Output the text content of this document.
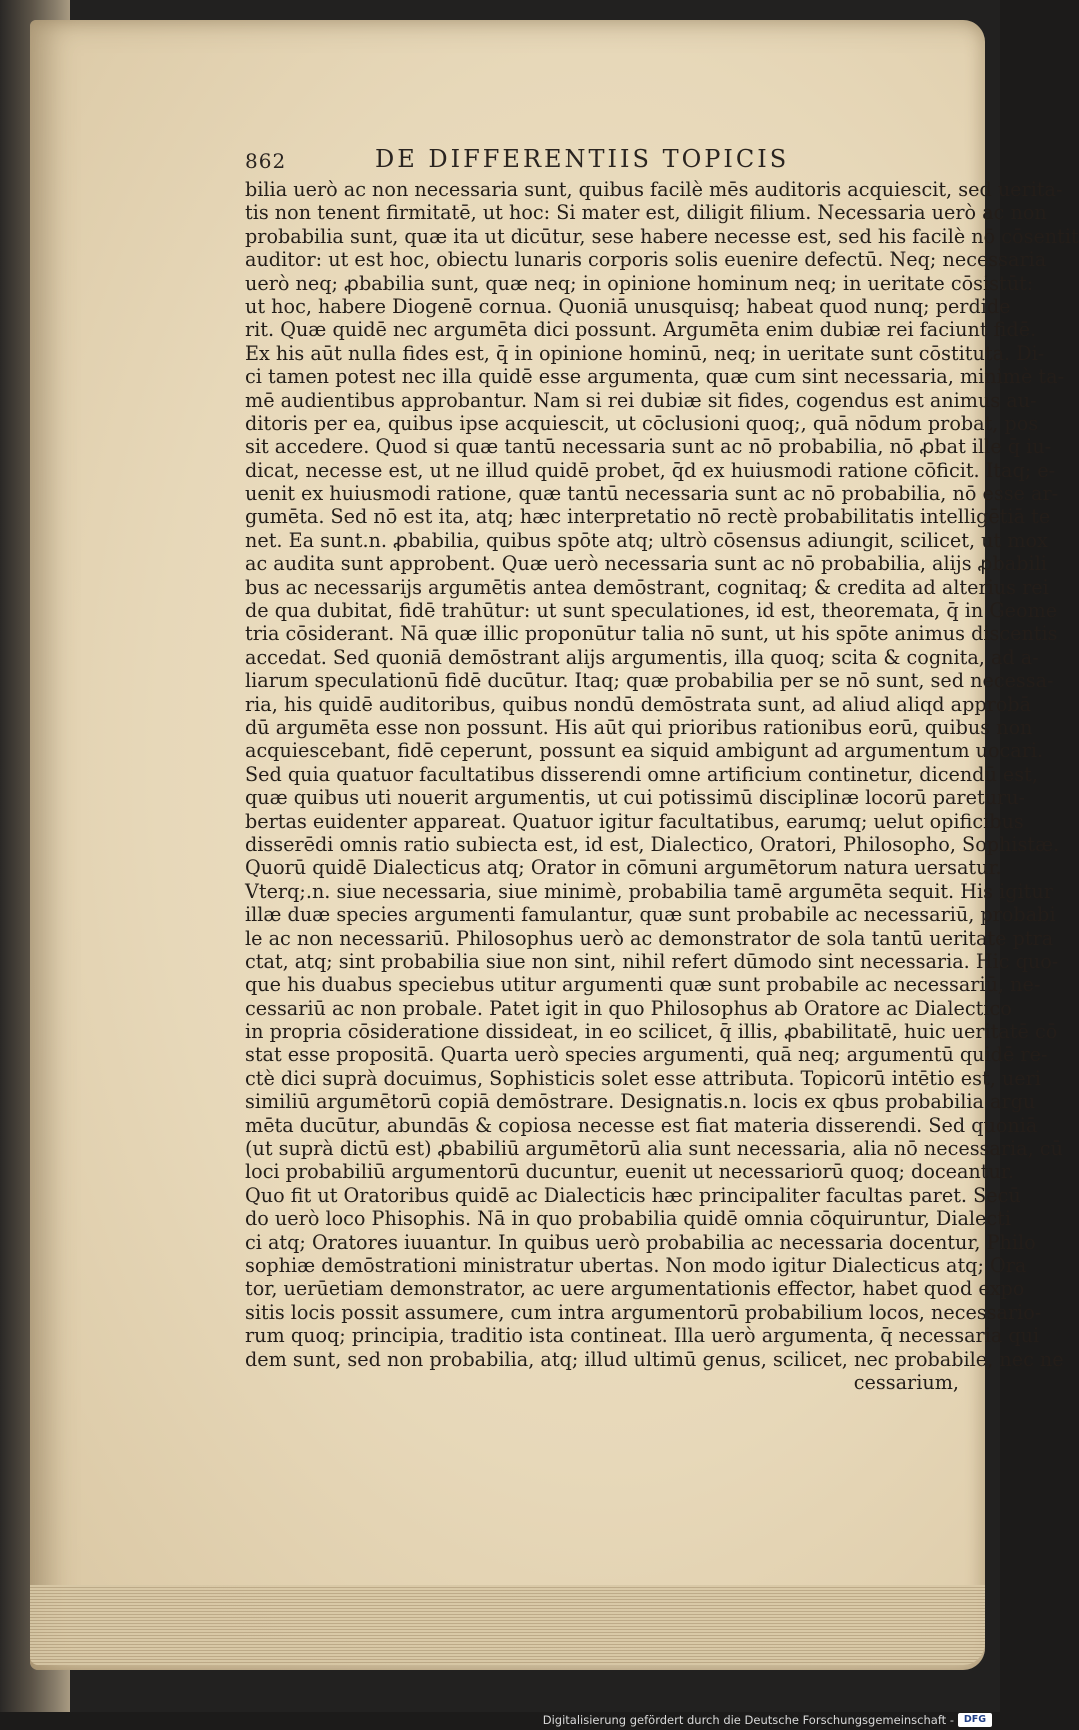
862	DE DIFFERENTIIS TOPICIS
bilia uerò ac non necessaria sunt, quibus facilè mēs auditoris acquiescit, sed uerita-
tis non tenent firmitatē, ut hoc: Si mater est, diligit filium. Necessaria uerò ac non
probabilia sunt, quæ ita ut dicūtur, sese habere necesse est, sed his facilè nō cōsentit
auditor: ut est hoc, obiectu lunaris corporis solis euenire defectū. Neq; necessaria
uerò neq; ꝓbabilia sunt, quæ neq; in opinione hominum neq; in ueritate cōsistūt:
ut hoc, habere Diogenē cornua. Quoniā unusquisq; habeat quod nunq; perdide
rit. Quæ quidē nec argumēta dici possunt. Argumēta enim dubiæ rei faciunt fidē.
Ex his aūt nulla fides est, q̄ in opinione hominū, neq; in ueritate sunt cōstituta. Di-
ci tamen potest nec illa quidē esse argumenta, quæ cum sint necessaria, minimè ta-
mē audientibus approbantur. Nam si rei dubiæ sit fides, cogendus est animus au-
ditoris per ea, quibus ipse acquiescit, ut cōclusioni quoq;, quā nōdum probat, pos
sit accedere. Quod si quæ tantū necessaria sunt ac nō probabilia, nō ꝓbat ille q̄ iu-
dicat, necesse est, ut ne illud quidē probet, q̄d ex huiusmodi ratione cōficit. Itaq; e-
uenit ex huiusmodi ratione, quæ tantū necessaria sunt ac nō probabilia, nō esse ar-
gumēta. Sed nō est ita, atq; hæc interpretatio nō rectè probabilitatis intelligētiā te
net. Ea sunt.n. ꝓbabilia, quibus spōte atq; ultrò cōsensus adiungit, scilicet, ut mox
ac audita sunt approbent. Quæ uerò necessaria sunt ac nō probabilia, alijs ꝓbabili
bus ac necessarijs argumētis antea demōstrant, cognitaq; & credita ad alterius rei
de qua dubitat, fidē trahūtur: ut sunt speculationes, id est, theoremata, q̄ in Geome
tria cōsiderant. Nā quæ illic proponūtur talia nō sunt, ut his spōte animus discentis
accedat. Sed quoniā demōstrant alijs argumentis, illa quoq; scita & cognita, ad a-
liarum speculationū fidē ducūtur. Itaq; quæ probabilia per se nō sunt, sed necessa-
ria, his quidē auditoribus, quibus nondū demōstrata sunt, ad aliud aliqd approbā
dū argumēta esse non possunt. His aūt qui prioribus rationibus eorū, quibus non
acquiescebant, fidē ceperunt, possunt ea siquid ambigunt ad argumentum uocari.
Sed quia quatuor facultatibus disserendi omne artificium continetur, dicendū est,
quæ quibus uti nouerit argumentis, ut cui potissimū disciplinæ locorū pareturu-
bertas euidenter appareat. Quatuor igitur facultatibus, earumq; uelut opificibus
disserēdi omnis ratio subiecta est, id est, Dialectico, Oratori, Philosopho, Sophistæ.
Quorū quidē Dialecticus atq; Orator in cōmuni argumētorum natura uersatur.
Vterq;.n. siue necessaria, siue minimè, probabilia tamē argumēta sequit. His igitur
illæ duæ species argumenti famulantur, quæ sunt probabile ac necessariū, probabi
le ac non necessariū. Philosophus uerò ac demonstrator de sola tantū ueritate ptra
ctat, atq; sint probabilia siue non sint, nihil refert dūmodo sint necessaria. Hic quo-
que his duabus speciebus utitur argumenti quæ sunt probabile ac necessariū, ne-
cessariū ac non probale. Patet igit in quo Philosophus ab Oratore ac Dialectico
in propria cōsideratione dissideat, in eo scilicet, q̄ illis, ꝓbabilitatē, huic ueritatē cō
stat esse propositā. Quarta uerò species argumenti, quā neq; argumentū quidē re-
ctè dici suprà docuimus, Sophisticis solet esse attributa. Topicorū intētio est, ueri
similiū argumētorū copiā demōstrare. Designatis.n. locis ex qbus probabilia argu
mēta ducūtur, abundās & copiosa necesse est fiat materia disserendi. Sed quoniā
(ut suprà dictū est) ꝓbabiliū argumētorū alia sunt necessaria, alia nō necessaria, cū
loci probabiliū argumentorū ducuntur, euenit ut necessariorū quoq; doceantur.
Quo fit ut Oratoribus quidē ac Dialecticis hæc principaliter facultas paret. Secū
do uerò loco Phisophis. Nā in quo probabilia quidē omnia cōquiruntur, Dialecti
ci atq; Oratores iuuantur. In quibus uerò probabilia ac necessaria docentur, Philo
sophiæ demōstrationi ministratur ubertas. Non modo igitur Dialecticus atq; Ora
tor, uerūetiam demonstrator, ac uere argumentationis effector, habet quod expo
sitis locis possit assumere, cum intra argumentorū probabilium locos, necessario-
rum quoq; principia, traditio ista contineat. Illa uerò argumenta, q̄ necessaria qui
dem sunt, sed non probabilia, atq; illud ultimū genus, scilicet, nec probabile, nec ne
cessarium,
Digitalisierung gefördert durch die Deutsche Forschungsgemeinschaft -	DFG
